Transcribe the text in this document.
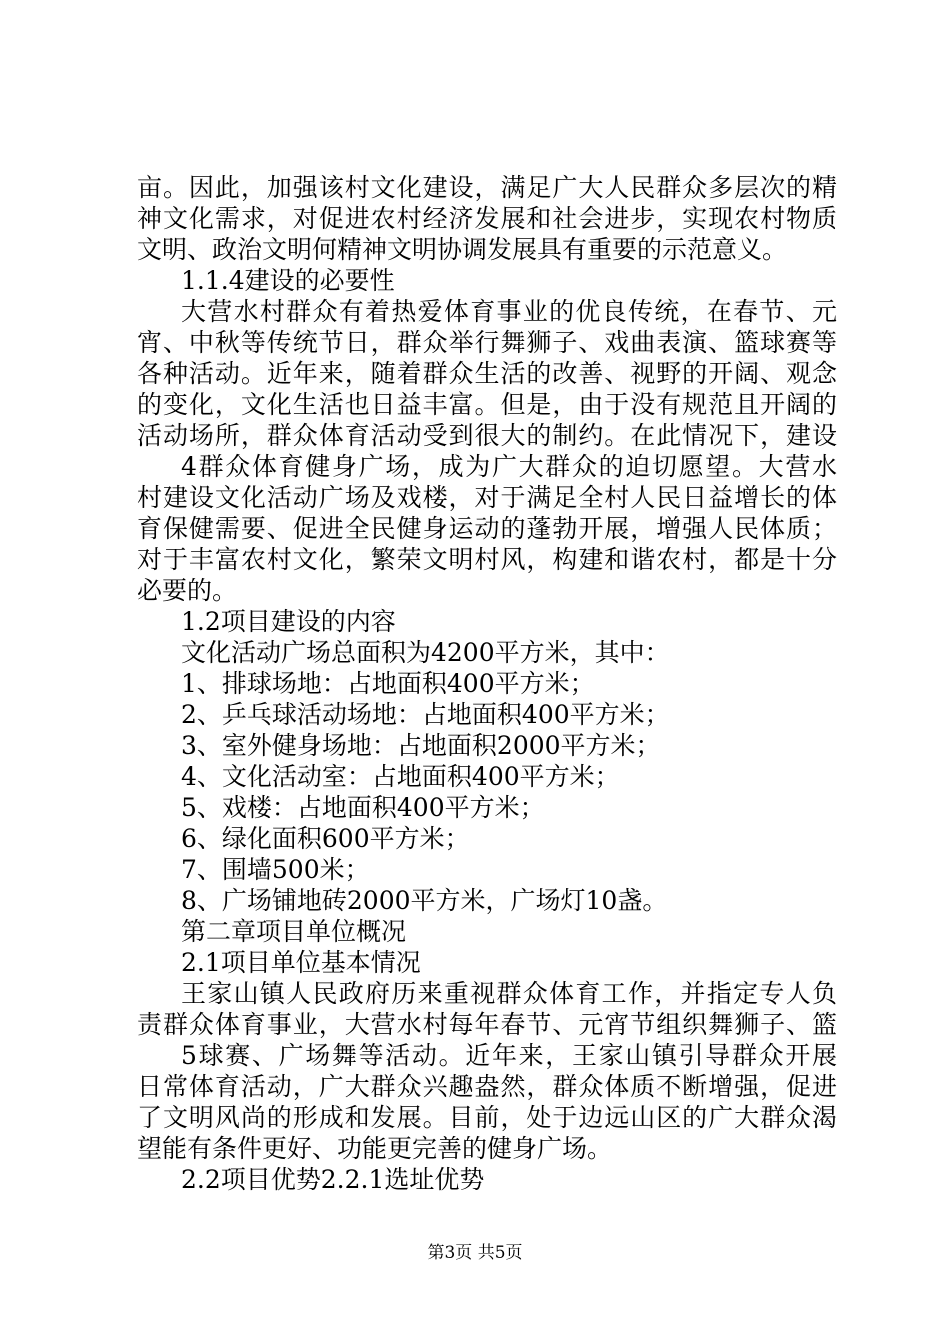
亩。因此，加强该村文化建设，满足广大人民群众多层次的精
神文化需求，对促进农村经济发展和社会进步，实现农村物质
文明、政治文明何精神文明协调发展具有重要的示范意义。
1.1.4建设的必要性
大营水村群众有着热爱体育事业的优良传统，在春节、元
宵、中秋等传统节日，群众举行舞狮子、戏曲表演、篮球赛等
各种活动。近年来，随着群众生活的改善、视野的开阔、观念
的变化，文化生活也日益丰富。但是，由于没有规范且开阔的
活动场所，群众体育活动受到很大的制约。在此情况下，建设
4群众体育健身广场，成为广大群众的迫切愿望。大营水
村建设文化活动广场及戏楼，对于满足全村人民日益增长的体
育保健需要、促进全民健身运动的蓬勃开展，增强人民体质；
对于丰富农村文化，繁荣文明村风，构建和谐农村，都是十分
必要的。
1.2项目建设的内容
文化活动广场总面积为4200平方米，其中：
1、排球场地：占地面积400平方米；
2、乒乓球活动场地：占地面积400平方米；
3、室外健身场地：占地面积2000平方米；
4、文化活动室：占地面积400平方米；
5、戏楼：占地面积400平方米；
6、绿化面积600平方米；
7、围墙500米；
8、广场铺地砖2000平方米，广场灯10盏。
第二章项目单位概况
2.1项目单位基本情况
王家山镇人民政府历来重视群众体育工作，并指定专人负
责群众体育事业，大营水村每年春节、元宵节组织舞狮子、篮
5球赛、广场舞等活动。近年来，王家山镇引导群众开展
日常体育活动，广大群众兴趣盎然，群众体质不断增强，促进
了文明风尚的形成和发展。目前，处于边远山区的广大群众渴
望能有条件更好、功能更完善的健身广场。
2.2项目优势2.2.1选址优势
第3页 共5页
